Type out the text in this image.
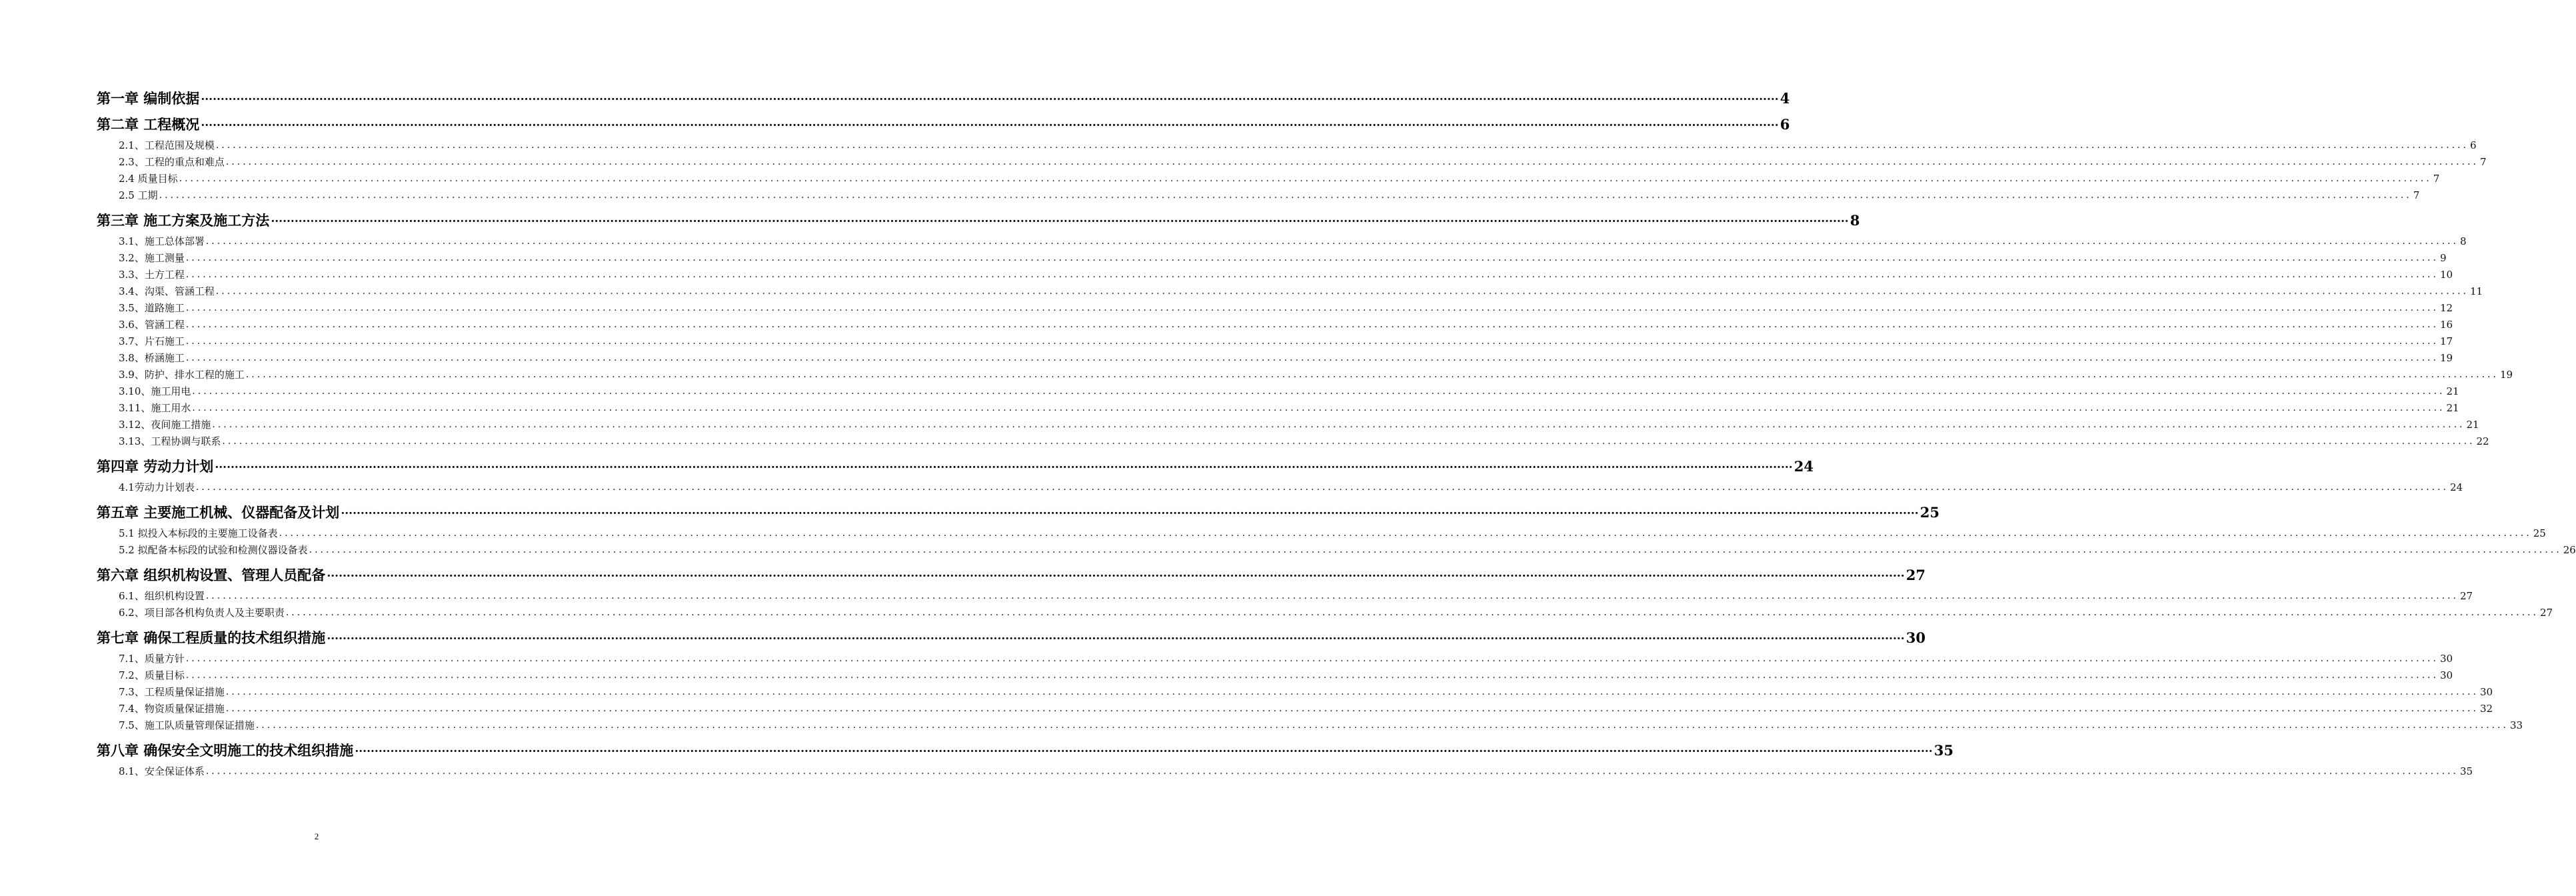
第一章 编制依据 ................................................................................................................................................................................................................................................................................................................................................................................................................ 4
第二章 工程概况 ................................................................................................................................................................................................................................................................................................................................................................................................................ 6
2.1、工程范围及规模 ................................................................................................................................................................................................................................................................................................................................................................................................................ 6
2.3、工程的重点和难点 ................................................................................................................................................................................................................................................................................................................................................................................................................ 7
2.4 质量目标 ................................................................................................................................................................................................................................................................................................................................................................................................................ 7
2.5 工期 ................................................................................................................................................................................................................................................................................................................................................................................................................ 7
第三章 施工方案及施工方法 ................................................................................................................................................................................................................................................................................................................................................................................................................ 8
3.1、施工总体部署 ................................................................................................................................................................................................................................................................................................................................................................................................................ 8
3.2、施工测量 ................................................................................................................................................................................................................................................................................................................................................................................................................ 9
3.3、土方工程 ................................................................................................................................................................................................................................................................................................................................................................................................................ 10
3.4、沟渠、管涵工程 ................................................................................................................................................................................................................................................................................................................................................................................................................ 11
3.5、道路施工 ................................................................................................................................................................................................................................................................................................................................................................................................................ 12
3.6、管涵工程 ................................................................................................................................................................................................................................................................................................................................................................................................................ 16
3.7、片石施工 ................................................................................................................................................................................................................................................................................................................................................................................................................ 17
3.8、桥涵施工 ................................................................................................................................................................................................................................................................................................................................................................................................................ 19
3.9、防护、排水工程的施工 ................................................................................................................................................................................................................................................................................................................................................................................................................ 19
3.10、施工用电 ................................................................................................................................................................................................................................................................................................................................................................................................................ 21
3.11、施工用水 ................................................................................................................................................................................................................................................................................................................................................................................................................ 21
3.12、夜间施工措施 ................................................................................................................................................................................................................................................................................................................................................................................................................ 21
3.13、工程协调与联系 ................................................................................................................................................................................................................................................................................................................................................................................................................ 22
第四章 劳动力计划 ................................................................................................................................................................................................................................................................................................................................................................................................................ 24
4.1劳动力计划表 ................................................................................................................................................................................................................................................................................................................................................................................................................ 24
第五章 主要施工机械、仪器配备及计划 ................................................................................................................................................................................................................................................................................................................................................................................................................ 25
5.1 拟投入本标段的主要施工设备表 ................................................................................................................................................................................................................................................................................................................................................................................................................ 25
5.2 拟配备本标段的试验和检测仪器设备表 ................................................................................................................................................................................................................................................................................................................................................................................................................ 26
第六章 组织机构设置、管理人员配备 ................................................................................................................................................................................................................................................................................................................................................................................................................ 27
6.1、组织机构设置 ................................................................................................................................................................................................................................................................................................................................................................................................................ 27
6.2、项目部各机构负责人及主要职责 ................................................................................................................................................................................................................................................................................................................................................................................................................ 27
第七章 确保工程质量的技术组织措施 ................................................................................................................................................................................................................................................................................................................................................................................................................ 30
7.1、质量方针 ................................................................................................................................................................................................................................................................................................................................................................................................................ 30
7.2、质量目标 ................................................................................................................................................................................................................................................................................................................................................................................................................ 30
7.3、工程质量保证措施 ................................................................................................................................................................................................................................................................................................................................................................................................................ 30
7.4、物资质量保证措施 ................................................................................................................................................................................................................................................................................................................................................................................................................ 32
7.5、施工队质量管理保证措施 ................................................................................................................................................................................................................................................................................................................................................................................................................ 33
第八章 确保安全文明施工的技术组织措施 ................................................................................................................................................................................................................................................................................................................................................................................................................ 35
8.1、安全保证体系 ................................................................................................................................................................................................................................................................................................................................................................................................................ 35
2
